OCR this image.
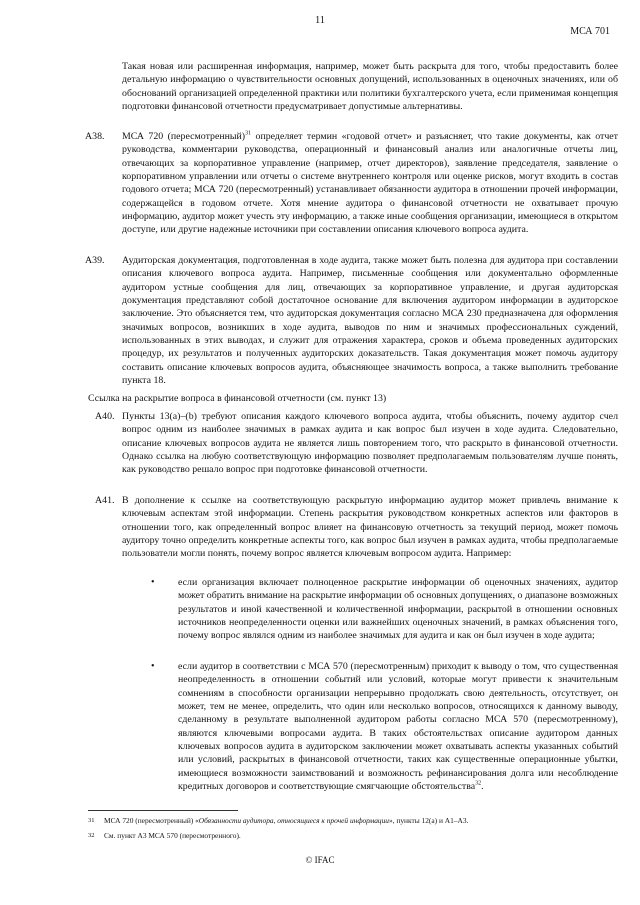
11
МСА 701
Такая новая или расширенная информация, например, может быть раскрыта для того, чтобы предоставить более детальную информацию о чувствительности основных допущений, использованных в оценочных значениях, или об обоснований организацией определенной практики или политики бухгалтерского учета, если применимая концепция подготовки финансовой отчетности предусматривает допустимые альтернативы.
A38. МСА 720 (пересмотренный)$^{31}$ определяет термин «годовой отчет» и разъясняет, что такие документы, как отчет руководства, комментарии руководства, операционный и финансовый анализ или аналогичные отчеты лиц, отвечающих за корпоративное управление (например, отчет директоров), заявление председателя, заявление о корпоративном управлении или отчеты о системе внутреннего контроля или оценке рисков, могут входить в состав годового отчета; МСА 720 (пересмотренный) устанавливает обязанности аудитора в отношении прочей информации, содержащейся в годовом отчете. Хотя мнение аудитора о финансовой отчетности не охватывает прочую информацию, аудитор может учесть эту информацию, а также иные сообщения организации, имеющиеся в открытом доступе, или другие надежные источники при составлении описания ключевого вопроса аудита.
A39. Аудиторская документация, подготовленная в ходе аудита, также может быть полезна для аудитора при составлении описания ключевого вопроса аудита. Например, письменные сообщения или документально оформленные аудитором устные сообщения для лиц, отвечающих за корпоративное управление, и другая аудиторская документация представляют собой достаточное основание для включения аудитором информации в аудиторское заключение. Это объясняется тем, что аудиторская документация согласно МСА 230 предназначена для оформления значимых вопросов, возникших в ходе аудита, выводов по ним и значимых профессиональных суждений, использованных в этих выводах, и служит для отражения характера, сроков и объема проведенных аудиторских процедур, их результатов и полученных аудиторских доказательств. Такая документация может помочь аудитору составить описание ключевых вопросов аудита, объясняющее значимость вопроса, а также выполнить требование пункта 18.
Ссылка на раскрытие вопроса в финансовой отчетности (см. пункт 13)
A40. Пункты 13(а)–(b) требуют описания каждого ключевого вопроса аудита, чтобы объяснить, почему аудитор счел вопрос одним из наиболее значимых в рамках аудита и как вопрос был изучен в ходе аудита. Следовательно, описание ключевых вопросов аудита не является лишь повторением того, что раскрыто в финансовой отчетности. Однако ссылка на любую соответствующую информацию позволяет предполагаемым пользователям лучше понять, как руководство решало вопрос при подготовке финансовой отчетности.
A41. В дополнение к ссылке на соответствующую раскрытую информацию аудитор может привлечь внимание к ключевым аспектам этой информации. Степень раскрытия руководством конкретных аспектов или факторов в отношении того, как определенный вопрос влияет на финансовую отчетность за текущий период, может помочь аудитору точно определить конкретные аспекты того, как вопрос был изучен в рамках аудита, чтобы предполагаемые пользователи могли понять, почему вопрос является ключевым вопросом аудита. Например:
• если организация включает полноценное раскрытие информации об оценочных значениях, аудитор может обратить внимание на раскрытие информации об основных допущениях, о диапазоне возможных результатов и иной качественной и количественной информации, раскрытой в отношении основных источников неопределенности оценки или важнейших оценочных значений, в рамках объяснения того, почему вопрос являлся одним из наиболее значимых для аудита и как он был изучен в ходе аудита;
• если аудитор в соответствии с МСА 570 (пересмотренным) приходит к выводу о том, что существенная неопределенность в отношении событий или условий, которые могут привести к значительным сомнениям в способности организации непрерывно продолжать свою деятельность, отсутствует, он может, тем не менее, определить, что один или несколько вопросов, относящихся к данному выводу, сделанному в результате выполненной аудитором работы согласно МСА 570 (пересмотренному), являются ключевыми вопросами аудита. В таких обстоятельствах описание аудитором данных ключевых вопросов аудита в аудиторском заключении может охватывать аспекты указанных событий или условий, раскрытых в финансовой отчетности, таких как существенные операционные убытки, имеющиеся возможности заимствований и возможность рефинансирования долга или несоблюдение кредитных договоров и соответствующие смягчающие обстоятельства$^{32}$.
31 МСА 720 (пересмотренный) «Обязанности аудитора, относящиеся к прочей информации», пункты 12(а) и А1–А3.
32 См. пункт А3 МСА 570 (пересмотренного).
© IFAC
